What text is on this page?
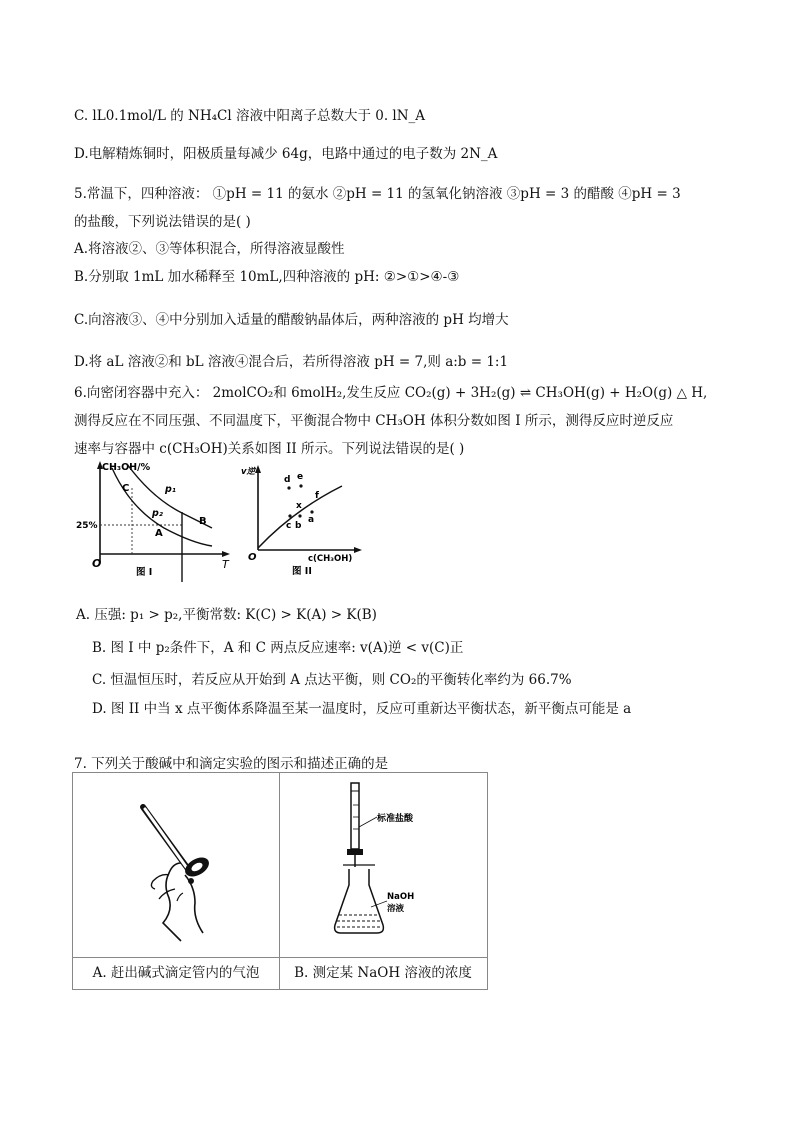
C. lL0.1mol/L 的 NH₄Cl 溶液中阳离子总数大于 0. lN_A
D.电解精炼铜时，阳极质量每减少 64g，电路中通过的电子数为 2N_A
5.常温下，四种溶液： ①pH = 11 的氨水 ②pH = 11 的氢氧化钠溶液 ③pH = 3 的醋酸 ④pH = 3
的盐酸，下列说法错误的是( )
A.将溶液②、③等体积混合，所得溶液显酸性
B.分别取 1mL 加水稀释至 10mL,四种溶液的 pH: ②>①>④-③
C.向溶液③、④中分别加入适量的醋酸钠晶体后，两种溶液的 pH 均增大
D.将 aL 溶液②和 bL 溶液④混合后，若所得溶液 pH = 7,则 a:b = 1:1
6.向密闭容器中充入： 2molCO₂和 6molH₂,发生反应 CO₂(g) + 3H₂(g) ⇌ CH₃OH(g) + H₂O(g) △ H,
测得反应在不同压强、不同温度下，平衡混合物中 CH₃OH 体积分数如图 I 所示，测得反应时逆反应
速率与容器中 c(CH₃OH)关系如图 II 所示。下列说法错误的是( )
CH₃OH/%
25%
C	p₁
p₂
A
B
O	T
图 I
v逆
d e
f
x
c b
a
O	c(CH₃OH)
图 II
A. 压强: p₁ > p₂,平衡常数: K(C) > K(A) > K(B)
B. 图 I 中 p₂条件下，A 和 C 两点反应速率: v(A)逆 < v(C)正
C. 恒温恒压时，若反应从开始到 A 点达平衡，则 CO₂的平衡转化率约为 66.7%
D. 图 II 中当 x 点平衡体系降温至某一温度时，反应可重新达平衡状态，新平衡点可能是 a
7. 下列关于酸碱中和滴定实验的图示和描述正确的是
标准盐酸
NaOH
溶液
A. 赶出碱式滴定管内的气泡	B. 测定某 NaOH 溶液的浓度
